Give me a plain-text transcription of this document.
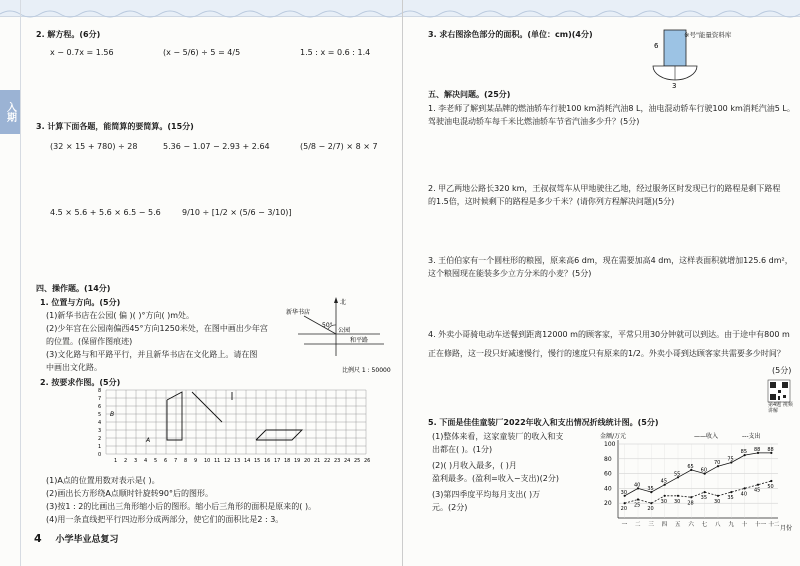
入期
2. 解方程。(6分)
x − 0.7x = 1.56	(x − 5/6) ÷ 5 = 4/5	1.5 : x = 0.6 : 1.4
3. 计算下面各题，能简算的要简算。(15分)
(32 × 15 + 780) ÷ 28	5.36 − 1.07 − 2.93 + 2.64	(5/8 − 2/7) × 8 × 7
4.5 × 5.6 + 5.6 × 6.5 − 5.6	9/10 ÷ [1/2 × (5/6 − 3/10)]
四、操作题。(14分)
1. 位置与方向。(5分)
(1)新华书店在公园( 偏 )( )°方向( )m处。
(2)少年宫在公园南偏西45°方向1250米处，在图中画出少年宫
的位置。(保留作图痕迹)
(3)文化路与和平路平行，并且新华书店在文化路上。请在图
中画出文化路。
北
新华书店
50°
公园
和平路
比例尺 1 : 50000
2. 按要求作图。(5分)
8
7
6
5
4
3
2
1
0
1 2 3 4 5 6 7 8 9 10 11 12 13 14 15 16 17 18 19 20 21 22 23 24 25 26
B
A
(1)A点的位置用数对表示是( )。
(2)画出长方形绕A点顺时针旋转90°后的图形。
(3)按1 : 2的比画出三角形缩小后的图形。缩小后三角形的面积是原来的( )。
(4)用一条直线把平行四边形分成两部分，使它们的面积比是2 : 3。
4 小学毕业总复习
3. 求右图涂色部分的面积。(单位：cm)(4分)
6
3
※号"能量资料库
五、解决问题。(25分)
1. 李老师了解到某品牌的燃油轿车行驶100 km消耗汽油8 L，油电混动轿车行驶100 km消耗汽油5 L。
驾驶油电混动轿车每千米比燃油轿车节省汽油多少升？(5分)
2. 甲乙两地公路长320 km，王叔叔驾车从甲地驶往乙地，经过服务区时发现已行的路程是剩下路程
的1.5倍，这时候剩下的路程是多少千米？(请你列方程解决问题)(5分)
3. 王伯伯家有一个圆柱形的粮囤，原来高6 dm，现在需要加高4 dm，这样表面积就增加125.6 dm²，
这个粮囤现在能装多少立方分米的小麦？(5分)
4. 外卖小哥骑电动车送餐到距离12000 m的顾客家，平常只用30分钟就可以到达。由于途中有800 m
正在修路，这一段只好减速慢行，慢行的速度只有原来的1/2。外卖小哥到达顾客家共需要多少时间？
(5分)
第4题 视频讲解
5. 下面是佳佳童装厂2022年收入和支出情况折线统计图。(5分)
(1)整体来看，这家童装厂的收入和支
出都在( )。(1分)
(2)( )月收入最多，( )月
盈利最多。(盈利=收入−支出)(2分)
(3)第四季度平均每月支出( )万
元。(2分)
金额/万元	——收入	‑‑‑支出
月份
20
40
60
80
100
一 二 三 四 五 六 七 八 九 十 十一 十二
30
40
35
45
55
65
60
70
75
85 88 88
20
25
20
30 30 28
35
30
35
40
45
50
